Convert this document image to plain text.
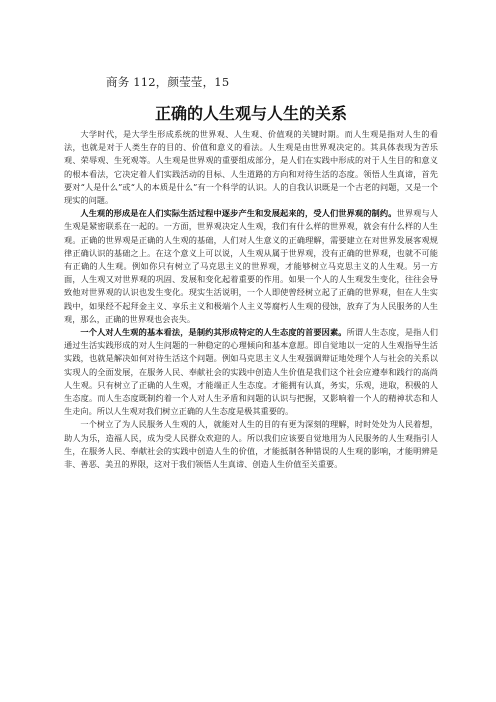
商务 112，颜莹莹，15
正确的人生观与人生的关系

大学时代，是大学生形成系统的世界观、人生观、价值观的关键时期。而人生观是指对人生的看法，也就是对于人类生存的目的、价值和意义的看法。人生观是由世界观决定的。其具体表现为苦乐观、荣辱观、生死观等。人生观是世界观的重要组成部分，是人们在实践中形成的对于人生目的和意义的根本看法，它决定着人们实践活动的目标、人生道路的方向和对待生活的态度。领悟人生真谛，首先要对“人是什么”或“人的本质是什么”有一个科学的认识。人的自我认识既是一个古老的问题，又是一个现实的问题。

人生观的形成是在人们实际生活过程中逐步产生和发展起来的，受人们世界观的制约。世界观与人生观是紧密联系在一起的。一方面，世界观决定人生观，我们有什么样的世界观，就会有什么样的人生观。正确的世界观是正确的人生观的基础，人们对人生意义的正确理解，需要建立在对世界发展客观规律正确认识的基础之上。在这个意义上可以说，人生观从属于世界观，没有正确的世界观，也就不可能有正确的人生观。例如你只有树立了马克思主义的世界观，才能够树立马克思主义的人生观。另一方面，人生观又对世界观的巩固、发展和变化起着重要的作用。如果一个人的人生观发生变化，往往会导致他对世界观的认识也发生变化。现实生活说明，一个人即使曾经树立起了正确的世界观，但在人生实践中，如果经不起拜金主义、享乐主义和极端个人主义等腐朽人生观的侵蚀，放弃了为人民服务的人生观，那么，正确的世界观也会丧失。

一个人对人生观的基本看法，是制约其形成特定的人生态度的首要因素。所谓人生态度，是指人们通过生活实践形成的对人生问题的一种稳定的心理倾向和基本意愿。即自觉地以一定的人生观指导生活实践，也就是解决如何对待生活这个问题。例如马克思主义人生观强调辩证地处理个人与社会的关系以实现人的全面发展，在服务人民、奉献社会的实践中创造人生价值是我们这个社会应遵奉和践行的高尚人生观。只有树立了正确的人生观，才能端正人生态度。才能拥有认真，务实，乐观，进取，积极的人生态度。而人生态度既制约着一个人对人生矛盾和问题的认识与把握，又影响着一个人的精神状态和人生走向。所以人生观对我们树立正确的人生态度是极其重要的。

一个树立了为人民服务人生观的人，就能对人生的目的有更为深刻的理解，时时处处为人民着想，助人为乐，造福人民，成为受人民群众欢迎的人。所以我们应该要自觉地用为人民服务的人生观指引人生，在服务人民、奉献社会的实践中创造人生的价值，才能抵制各种错误的人生观的影响，才能明辨是非、善恶、美丑的界限，这对于我们领悟人生真谛、创造人生价值至关重要。
